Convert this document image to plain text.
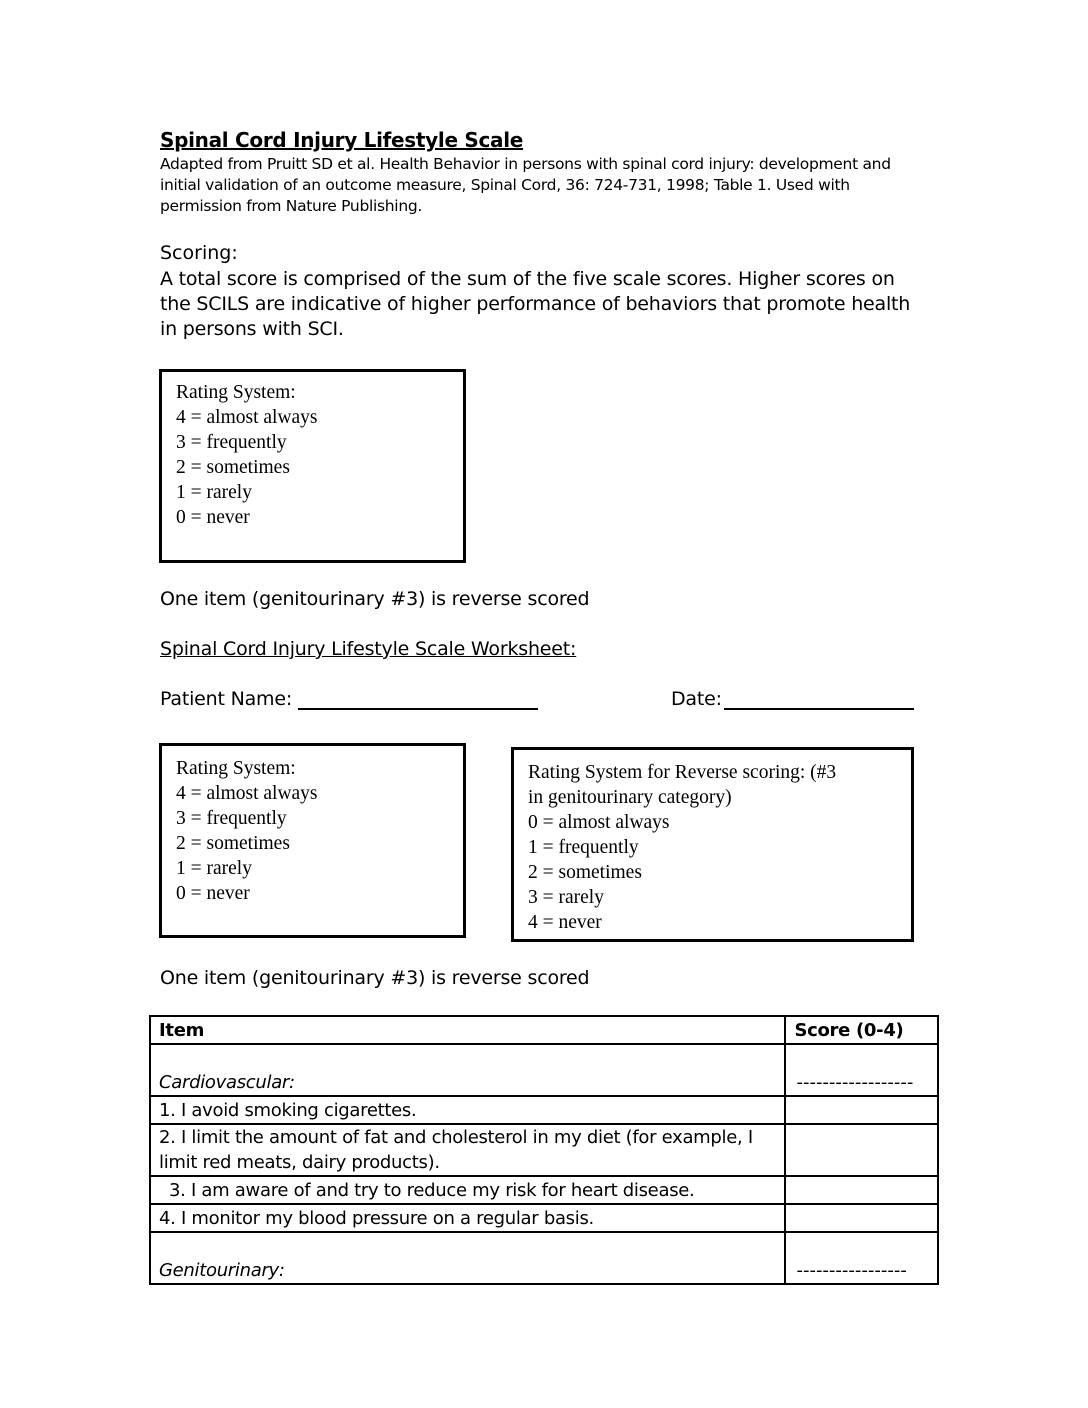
Spinal Cord Injury Lifestyle Scale
Adapted from Pruitt SD et al. Health Behavior in persons with spinal cord injury: development and initial validation of an outcome measure, Spinal Cord, 36: 724-731, 1998; Table 1. Used with permission from Nature Publishing.
Scoring:
A total score is comprised of the sum of the five scale scores. Higher scores on the SCILS are indicative of higher performance of behaviors that promote health in persons with SCI.
Rating System:
4 = almost always
3 = frequently
2 = sometimes
1 = rarely
0 = never
One item (genitourinary #3) is reverse scored
Spinal Cord Injury Lifestyle Scale Worksheet:
Patient Name:	Date:
Rating System:
4 = almost always
3 = frequently
2 = sometimes
1 = rarely
0 = never
Rating System for Reverse scoring: (#3
in genitourinary category)
0 = almost always
1 = frequently
2 = sometimes
3 = rarely
4 = never
One item (genitourinary #3) is reverse scored
Item	Score (0-4)
Cardiovascular:	------------------
1. I avoid smoking cigarettes.	
2. I limit the amount of fat and cholesterol in my diet (for example, I limit red meats, dairy products).	
3. I am aware of and try to reduce my risk for heart disease.	
4. I monitor my blood pressure on a regular basis.	
Genitourinary:	-----------------
